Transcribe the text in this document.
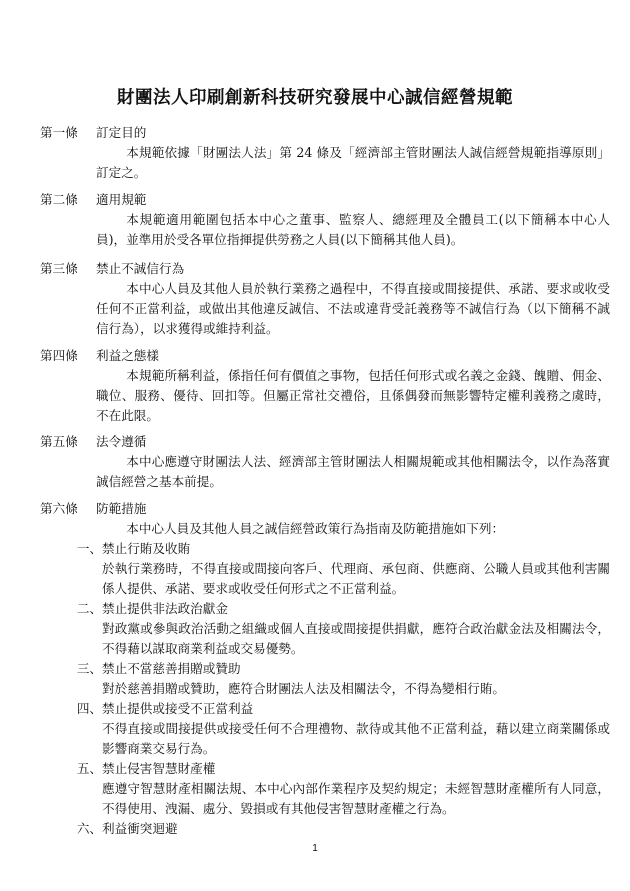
財團法人印刷創新科技研究發展中心誠信經營規範
第一條 訂定目的
本規範依據「財團法人法」第 24 條及「經濟部主管財團法人誠信經營規範指導原則」訂定之。
第二條 適用規範
本規範適用範圍包括本中心之董事、監察人、總經理及全體員工(以下簡稱本中心人員)，並準用於受各單位指揮提供勞務之人員(以下簡稱其他人員)。
第三條 禁止不誠信行為
本中心人員及其他人員於執行業務之過程中，不得直接或間接提供、承諾、要求或收受任何不正當利益，或做出其他違反誠信、不法或違背受託義務等不誠信行為（以下簡稱不誠信行為），以求獲得或維持利益。
第四條 利益之態樣
本規範所稱利益，係指任何有價值之事物，包括任何形式或名義之金錢、餽贈、佣金、職位、服務、優待、回扣等。但屬正常社交禮俗，且係偶發而無影響特定權利義務之虞時，不在此限。
第五條 法令遵循
本中心應遵守財團法人法、經濟部主管財團法人相關規範或其他相關法令，以作為落實誠信經營之基本前提。
第六條 防範措施
本中心人員及其他人員之誠信經營政策行為指南及防範措施如下列：
一、禁止行賄及收賄
於執行業務時，不得直接或間接向客戶、代理商、承包商、供應商、公職人員或其他利害關係人提供、承諾、要求或收受任何形式之不正當利益。
二、禁止提供非法政治獻金
對政黨或參與政治活動之組織或個人直接或間接提供捐獻，應符合政治獻金法及相關法令，不得藉以謀取商業利益或交易優勢。
三、禁止不當慈善捐贈或贊助
對於慈善捐贈或贊助，應符合財團法人法及相關法令，不得為變相行賄。
四、禁止提供或接受不正當利益
不得直接或間接提供或接受任何不合理禮物、款待或其他不正當利益，藉以建立商業關係或影響商業交易行為。
五、禁止侵害智慧財產權
應遵守智慧財產相關法規、本中心內部作業程序及契約規定；未經智慧財產權所有人同意，不得使用、洩漏、處分、毀損或有其他侵害智慧財產權之行為。
六、利益衝突迴避
1
